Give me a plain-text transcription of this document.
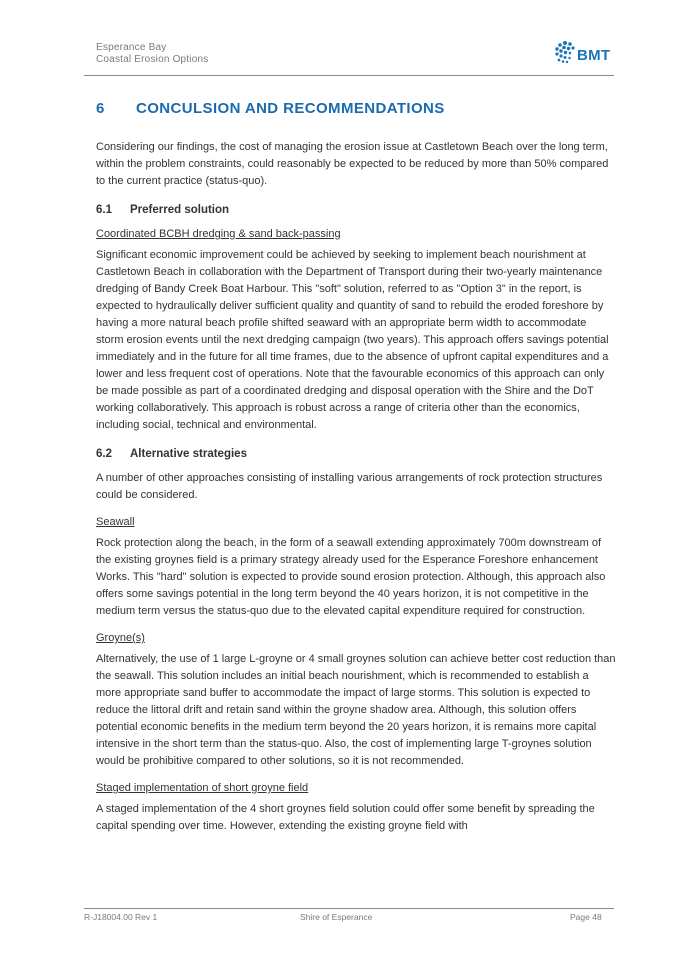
Esperance Bay
Coastal Erosion Options	BMT
6	CONCULSION AND RECOMMENDATIONS

Considering our findings, the cost of managing the erosion issue at Castletown Beach over the long term, within the problem constraints, could reasonably be expected to be reduced by more than 50% compared to the current practice (status-quo).

6.1	Preferred solution
Coordinated BCBH dredging & sand back-passing

Significant economic improvement could be achieved by seeking to implement beach nourishment at Castletown Beach in collaboration with the Department of Transport during their two-yearly maintenance dredging of Bandy Creek Boat Harbour. This "soft" solution, referred to as "Option 3" in the report, is expected to hydraulically deliver sufficient quality and quantity of sand to rebuild the eroded foreshore by having a more natural beach profile shifted seaward with an appropriate berm width to accommodate storm erosion events until the next dredging campaign (two years). This approach offers savings potential immediately and in the future for all time frames, due to the absence of upfront capital expenditures and a lower and less frequent cost of operations. Note that the favourable economics of this approach can only be made possible as part of a coordinated dredging and disposal operation with the Shire and the DoT working collaboratively. This approach is robust across a range of criteria other than the economics, including social, technical and environmental.

6.2	Alternative strategies

A number of other approaches consisting of installing various arrangements of rock protection structures could be considered.

Seawall

Rock protection along the beach, in the form of a seawall extending approximately 700m downstream of the existing groynes field is a primary strategy already used for the Esperance Foreshore enhancement Works. This "hard" solution is expected to provide sound erosion protection. Although, this approach also offers some savings potential in the long term beyond the 40 years horizon, it is not competitive in the medium term versus the status-quo due to the elevated capital expenditure required for construction.

Groyne(s)

Alternatively, the use of 1 large L-groyne or 4 small groynes solution can achieve better cost reduction than the seawall. This solution includes an initial beach nourishment, which is recommended to establish a more appropriate sand buffer to accommodate the impact of large storms. This solution is expected to reduce the littoral drift and retain sand within the groyne shadow area. Although, this solution offers potential economic benefits in the medium term beyond the 20 years horizon, it is remains more capital intensive in the short term than the status-quo. Also, the cost of implementing large T-groynes solution would be prohibitive compared to other solutions, so it is not recommended.

Staged implementation of short groyne field

A staged implementation of the 4 short groynes field solution could offer some benefit by spreading the capital spending over time. However, extending the existing groyne field with

R-J18004.00 Rev 1	Shire of Esperance	Page 48
